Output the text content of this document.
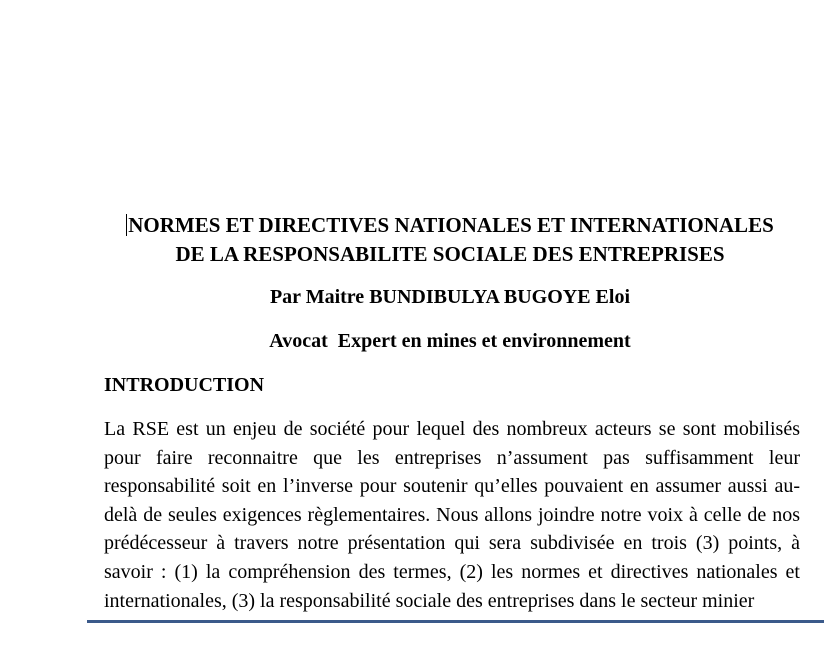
NORMES ET DIRECTIVES NATIONALES ET INTERNATIONALES
DE LA RESPONSABILITE SOCIALE DES ENTREPRISES
Par Maitre BUNDIBULYA BUGOYE Eloi
Avocat  Expert en mines et environnement
INTRODUCTION
La RSE est un enjeu de société pour lequel des nombreux acteurs se sont mobilisés pour faire reconnaitre que les entreprises n’assument pas suffisamment leur responsabilité soit en l’inverse pour soutenir qu’elles pouvaient en assumer aussi au-delà de seules exigences règlementaires. Nous allons joindre notre voix à celle de nos prédécesseur à travers notre présentation qui sera subdivisée en trois (3) points, à savoir : (1) la compréhension des termes, (2) les normes et directives nationales et internationales, (3) la responsabilité sociale des entreprises dans le secteur minier
